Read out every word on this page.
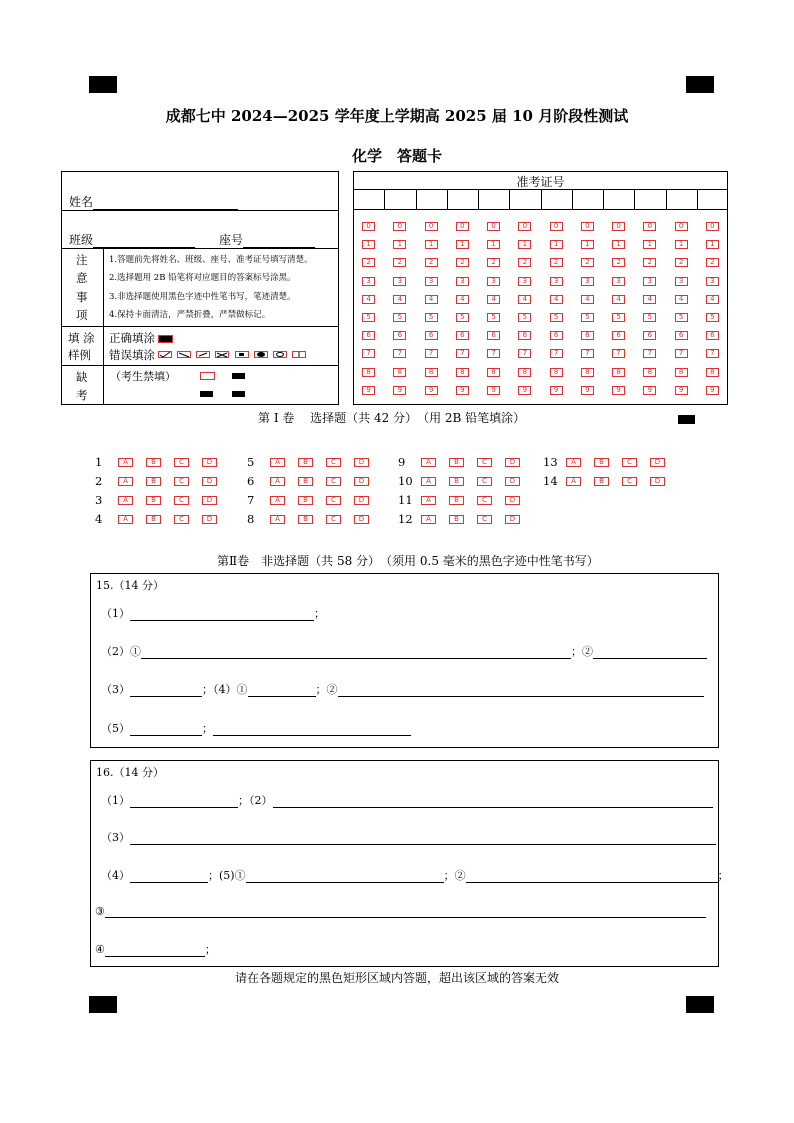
成都七中 2024—2025 学年度上学期高 2025 届 10 月阶段性测试
化学　答题卡
姓名
班级	座号
注
意
事
项
1.答题前先将姓名、班级、座号、准考证号填写清楚。
2.选择题用 2B 铅笔将对应题目的答案标号涂黑。
3.非选择题使用黑色字迹中性笔书写，笔迹清楚。
4.保持卡面清洁，严禁折叠，严禁做标记。
填 涂
样例
正确填涂
错误填涂
缺
考
（考生禁填）
准考证号
0	0	0	0	0	0	0	0	0	0	0	0
1	1	1	1	1	1	1	1	1	1	1	1
2	2	2	2	2	2	2	2	2	2	2	2
3	3	3	3	3	3	3	3	3	3	3	3
4	4	4	4	4	4	4	4	4	4	4	4
5	5	5	5	5	5	5	5	5	5	5	5
6	6	6	6	6	6	6	6	6	6	6	6
7	7	7	7	7	7	7	7	7	7	7	7
8	8	8	8	8	8	8	8	8	8	8	8
9	9	9	9	9	9	9	9	9	9	9	9
第 I 卷　 选择题（共 42 分）　（用 2B 铅笔填涂）
1	A	B	C	D
2	A	B	C	D
3	A	B	C	D
4	A	B	C	D
5	A	B	C	D
6	A	B	C	D
7	A	B	C	D
8	A	B	C	D
9	A	B	C	D
10	A	B	C	D
11	A	B	C	D
12	A	B	C	D
13	A	B	C	D
14	A	B	C	D
第Ⅱ卷　非选择题（共 58 分）　（须用 0.5 毫米的黑色字迹中性笔书写）
15.（14 分）
（1）	；
（2）①	；②
（3）	；（4）①	；②
（5）	；
16.（14 分）
（1）	；（2）
（3）
（4）	；(5)①	；②	；
③
④	；
请在各题规定的黑色矩形区域内答题，超出该区域的答案无效
